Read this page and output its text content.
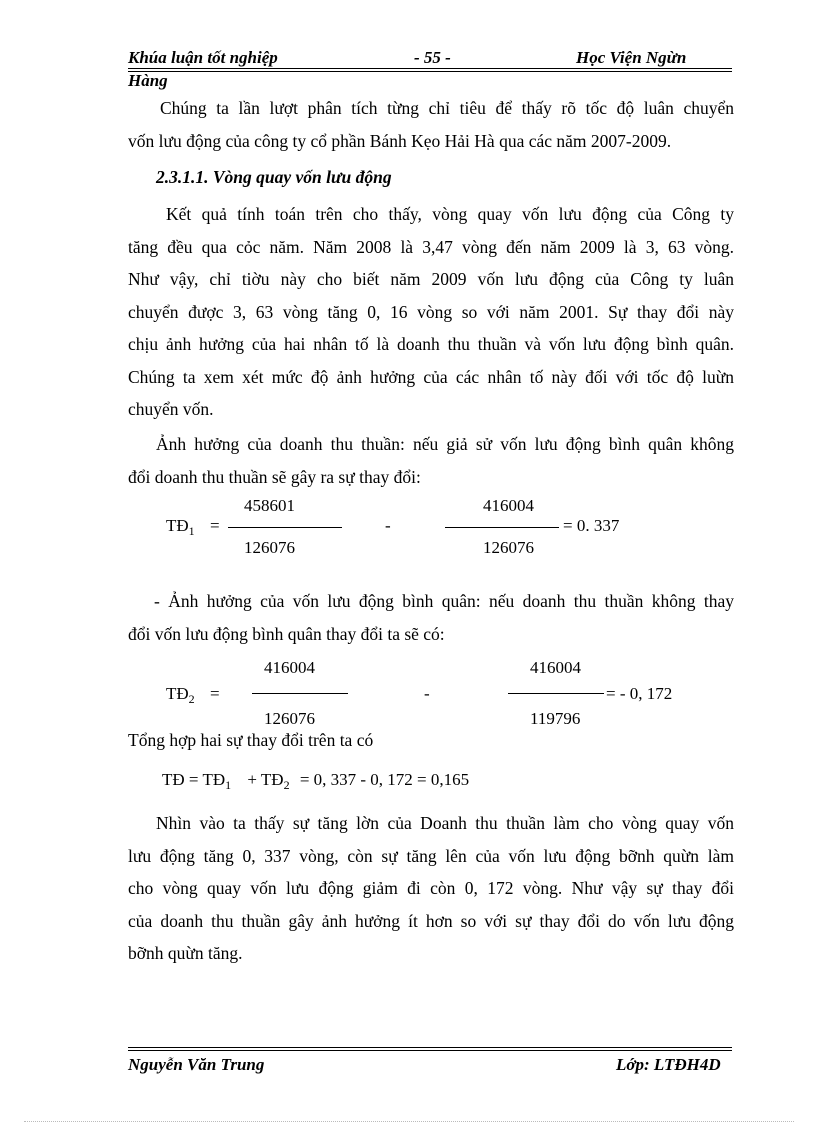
Khúa luận tốt nghiệp	- 55 -	Học Viện Ngừn
Hàng
Chúng ta lần lượt phân tích từng chỉ tiêu để thấy rõ tốc độ luân chuyển
vốn lưu động của công ty cổ phần Bánh Kẹo Hải Hà qua các năm 2007-2009.
2.3.1.1. Vòng quay vốn lưu động
Kết quả tính toán trên cho thấy, vòng quay vốn lưu động của Công ty
tăng đều qua cỏc năm. Năm 2008 là 3,47 vòng đến năm 2009 là 3, 63 vòng.
Như vậy, chỉ tiờu này cho biết năm 2009 vốn lưu động của Công ty luân
chuyển được 3, 63 vòng tăng 0, 16 vòng so với năm 2001. Sự thay đổi này
chịu ảnh hưởng của hai nhân tố là doanh thu thuần và vốn lưu động bình quân.
Chúng ta xem xét mức độ ảnh hưởng của các nhân tố này đối với tốc độ luừn
chuyển vốn.
Ảnh hưởng của doanh thu thuần: nếu giả sử vốn lưu động bình quân không
đổi doanh thu thuần sẽ gây ra sự thay đổi:
$TĐ_1$ =
458601
126076
-
416004
126076
= 0. 337
- Ảnh hưởng của vốn lưu động bình quân: nếu doanh thu thuần không thay
đổi vốn lưu động bình quân thay đổi ta sẽ có:
$TĐ_2$ =
416004
126076
-
416004
119796
= - 0, 172
Tổng hợp hai sự thay đổi trên ta có
TĐ = $TĐ_1$ + $TĐ_2 = 0$, 337 - 0, 172 = 0,165
Nhìn vào ta thấy sự tăng lờn của Doanh thu thuần làm cho vòng quay vốn
lưu động tăng 0, 337 vòng, còn sự tăng lên của vốn lưu động bỡnh quừn làm
cho vòng quay vốn lưu động giảm đi còn 0, 172 vòng. Như vậy sự thay đổi
của doanh thu thuần gây ảnh hưởng ít hơn so với sự thay đổi do vốn lưu động
bỡnh quừn tăng.
Nguyễn Văn Trung	Lớp: LTĐH4D
